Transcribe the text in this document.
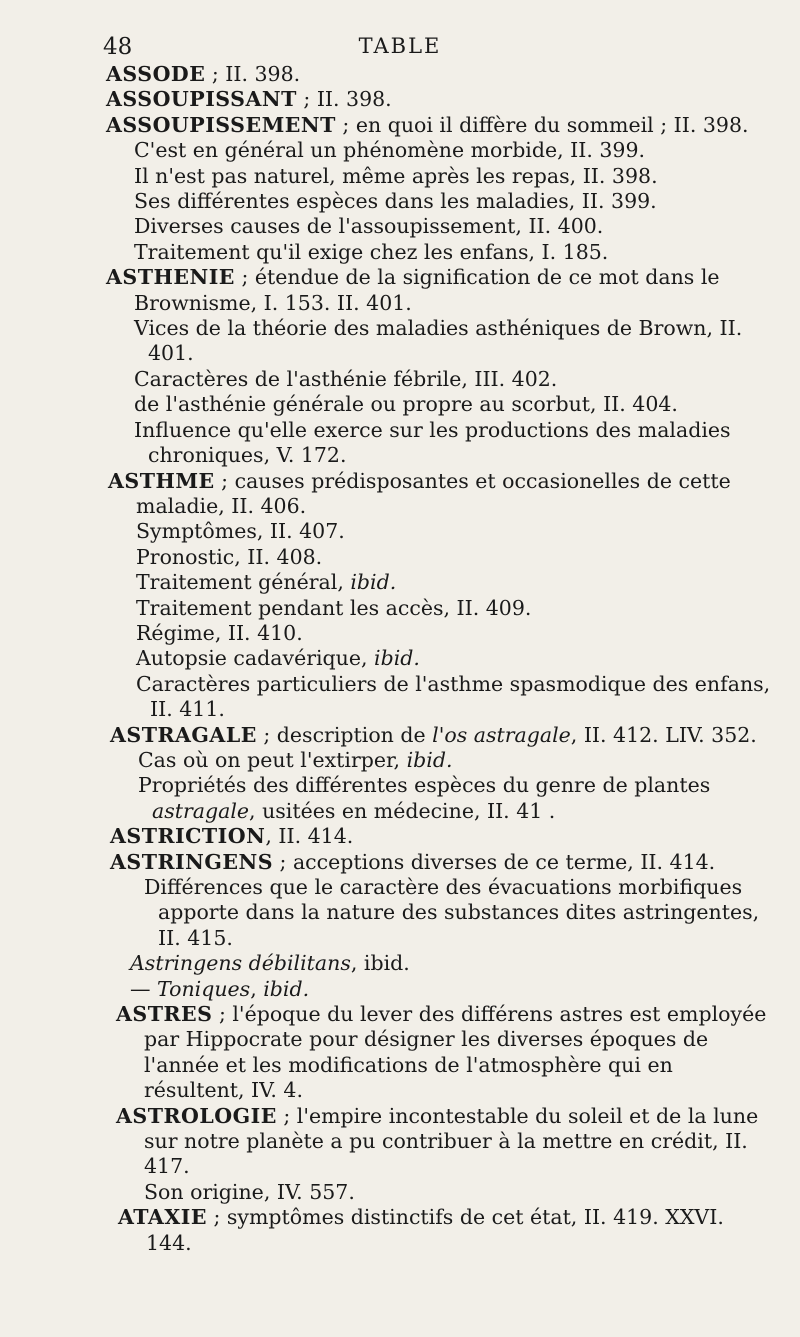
48	TABLE
ASSODE ; II. 398.
ASSOUPISSANT ; II. 398.
ASSOUPISSEMENT ; en quoi il diffère du sommeil ; II. 398.
C'est en général un phénomène morbide, II. 399.
Il n'est pas naturel, même après les repas, II. 398.
Ses différentes espèces dans les maladies, II. 399.
Diverses causes de l'assoupissement, II. 400.
Traitement qu'il exige chez les enfans, I. 185.
ASTHENIE ; étendue de la signification de ce mot dans le Brownisme, I. 153. II. 401.
Vices de la théorie des maladies asthéniques de Brown, II. 401.
Caractères de l'asthénie fébrile, III. 402.
de l'asthénie générale ou propre au scorbut, II. 404.
Influence qu'elle exerce sur les productions des maladies chroniques, V. 172.
ASTHME ; causes prédisposantes et occasionelles de cette maladie, II. 406.
Symptômes, II. 407.
Pronostic, II. 408.
Traitement général, ibid.
Traitement pendant les accès, II. 409.
Régime, II. 410.
Autopsie cadavérique, ibid.
Caractères particuliers de l'asthme spasmodique des enfans, II. 411.
ASTRAGALE ; description de l'os astragale, II. 412. LIV. 352.
Cas où on peut l'extirper, ibid.
Propriétés des différentes espèces du genre de plantes astragale, usitées en médecine, II. 41 .
ASTRICTION, II. 414.
ASTRINGENS ; acceptions diverses de ce terme, II. 414.
Différences que le caractère des évacuations morbifiques apporte dans la nature des substances dites astringentes, II. 415.
Astringens débilitans, ibid.
— Toniques, ibid.
ASTRES ; l'époque du lever des différens astres est employée par Hippocrate pour désigner les diverses époques de l'année et les modifications de l'atmosphère qui en résultent, IV. 4.
ASTROLOGIE ; l'empire incontestable du soleil et de la lune sur notre planète a pu contribuer à la mettre en crédit, II. 417.
Son origine, IV. 557.
ATAXIE ; symptômes distinctifs de cet état, II. 419. XXVI. 144.
